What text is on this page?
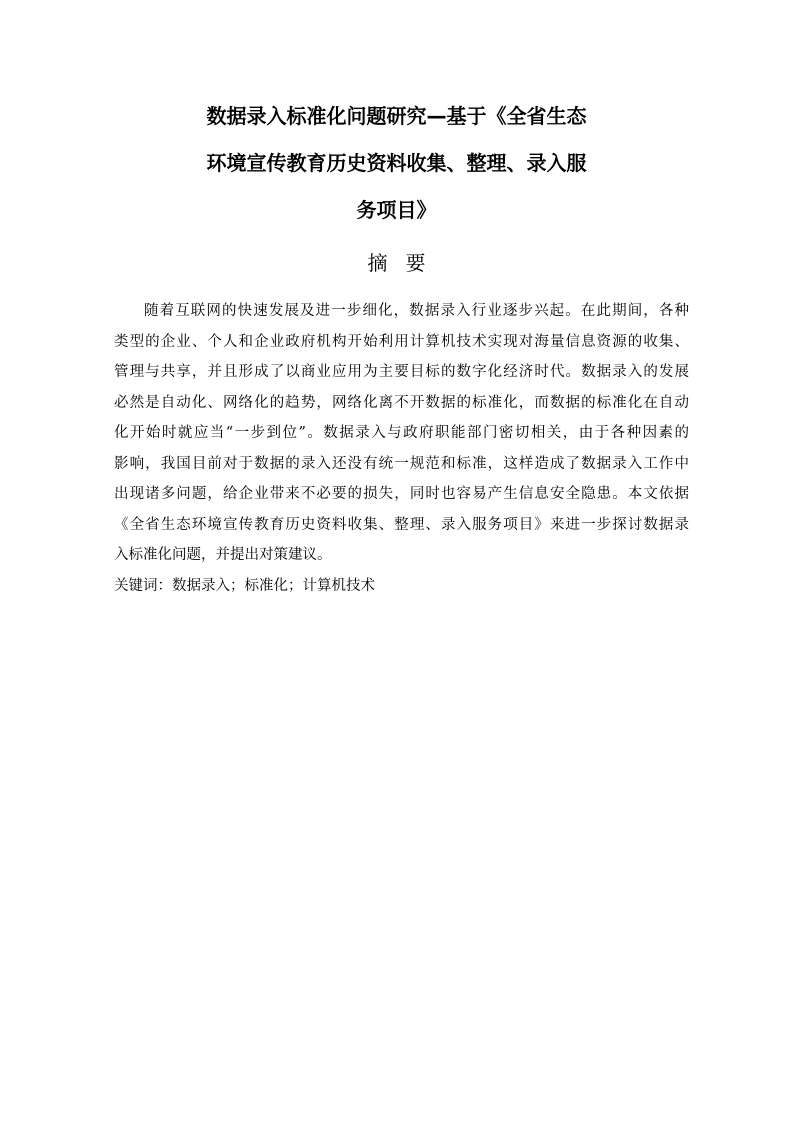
数据录入标准化问题研究—基于《全省生态
环境宣传教育历史资料收集、整理、录入服
务项目》
摘要
随着互联网的快速发展及进一步细化，数据录入行业逐步兴起。在此期间，各种
类型的企业、个人和企业政府机构开始利用计算机技术实现对海量信息资源的收集、
管理与共享，并且形成了以商业应用为主要目标的数字化经济时代。数据录入的发展
必然是自动化、网络化的趋势，网络化离不开数据的标准化，而数据的标准化在自动
化开始时就应当“一步到位”。数据录入与政府职能部门密切相关，由于各种因素的
影响，我国目前对于数据的录入还没有统一规范和标准，这样造成了数据录入工作中
出现诸多问题，给企业带来不必要的损失，同时也容易产生信息安全隐患。本文依据
《全省生态环境宣传教育历史资料收集、整理、录入服务项目》来进一步探讨数据录
入标准化问题，并提出对策建议。
关键词：数据录入；标准化；计算机技术
